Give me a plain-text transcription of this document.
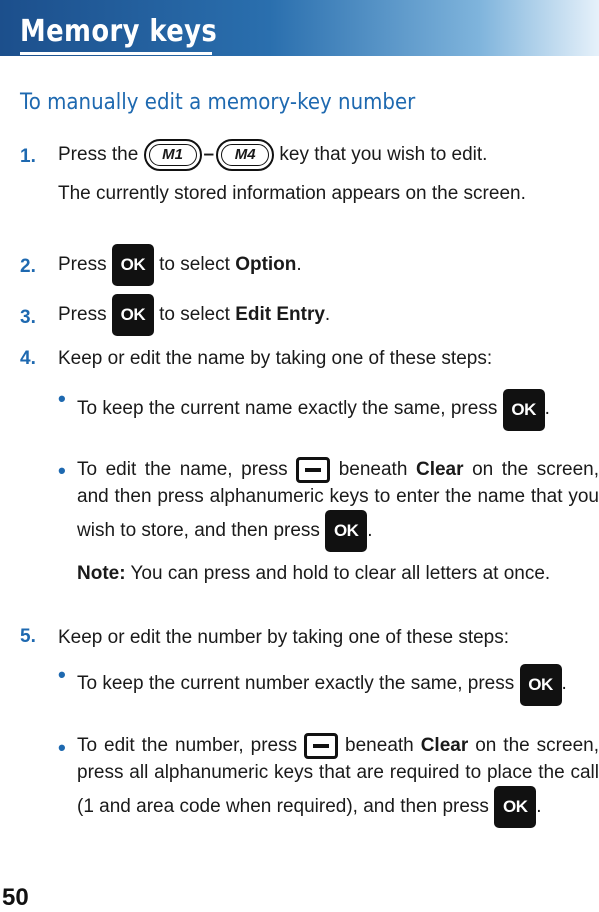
Memory keys
To manually edit a memory-key number
1. Press the M1 – M4 key that you wish to edit.
The currently stored information appears on the screen.
2. Press OK to select Option.
3. Press OK to select Edit Entry.
4. Keep or edit the name by taking one of these steps:
• To keep the current name exactly the same, press OK .
• To edit the name, press	beneath Clear on the screen, and then press alphanumeric keys to enter the name that you wish to store, and then press OK .
Note: You can press and hold to clear all letters at once.
5. Keep or edit the number by taking one of these steps:
• To keep the current number exactly the same, press OK .
• To edit the number, press	beneath Clear on the screen, press all alphanumeric keys that are required to place the call (1 and area code when required), and then press OK .
50
